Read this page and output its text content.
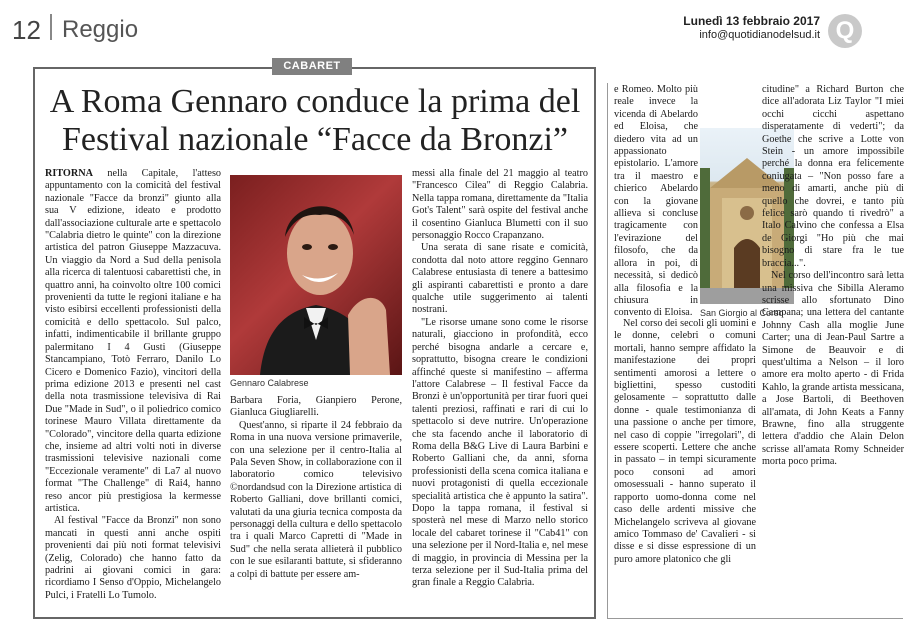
12 Reggio	Lunedì 13 febbraio 2017
info@quotidianodelsud.it Q
CABARET
A Roma Gennaro conduce la prima del Festival nazionale “Facce da Bronzi”

RITORNA nella Capitale, l'atteso appuntamento con la comicità del festival nazionale "Facce da bronzi" giunto alla sua V edizione, ideato e prodotto dall'associazione culturale arte e spettacolo "Calabria dietro le quinte" con la direzione artistica del patron Giuseppe Mazzacuva. Un viaggio da Nord a Sud della penisola alla ricerca di talentuosi cabarettisti che, in quattro anni, ha coinvolto oltre 100 comici provenienti da tutte le regioni italiane e ha visto esibirsi eccellenti professionisti della comicità e dello spettacolo. Sul palco, infatti, indimenticabile il brillante gruppo palermitano I 4 Gusti (Giuseppe Stancampiano, Totò Ferraro, Danilo Lo Cicero e Domenico Fazio), vincitori della prima edizione 2013 e presenti nel cast della nota trasmissione televisiva di Rai Due "Made in Sud", o il poliedrico comico torinese Mauro Villata direttamente da "Colorado", vincitore della quarta edizione che, insieme ad altri volti noti in diverse trasmissioni televisive nazionali come "Eccezionale veramente" di La7 al nuovo format "The Challenge" di Rai4, hanno reso ancor più prestigiosa la kermesse artistica.

Al festival "Facce da Bronzi" non sono mancati in questi anni anche ospiti provenienti dai più noti format televisivi (Zelig, Colorado) che hanno fatto da padrini ai giovani comici in gara: ricordiamo I Senso d'Oppio, Michelangelo Pulci, i Fratelli Lo Tumolo.

Gennaro Calabrese

Barbara Foria, Gianpiero Perone, Gianluca Giugliarelli.

Quest'anno, si riparte il 24 febbraio da Roma in una nuova versione primaverile, con una selezione per il centro-Italia al Pala Seven Show, in collaborazione con il laboratorio comico televisivo ©nordandsud con la Direzione artistica di Roberto Galliani, dove brillanti comici, valutati da una giuria tecnica composta da personaggi della cultura e dello spettacolo tra i quali Marco Capretti di "Made in Sud" che nella serata allieterà il pubblico con le sue esilaranti battute, si sfideranno a colpi di battute per essere am-

messi alla finale del 21 maggio al teatro "Francesco Cilea" di Reggio Calabria. Nella tappa romana, direttamente da "Italia Got's Talent" sarà ospite del festival anche il cosentino Gianluca Blumetti con il suo personaggio Rocco Crapanzano.

Una serata di sane risate e comicità, condotta dal noto attore reggino Gennaro Calabrese entusiasta di tenere a battesimo gli aspiranti cabarettisti e pronto a dare qualche utile suggerimento ai talenti nostrani.

"Le risorse umane sono come le risorse naturali, giacciono in profondità, ecco perché bisogna andarle a cercare e, soprattutto, bisogna creare le condizioni affinché queste si manifestino – afferma l'attore Calabrese – Il festival Facce da Bronzi è un'opportunità per tirar fuori quei talenti preziosi, raffinati e rari di cui lo spettacolo si deve nutrire. Un'operazione che sta facendo anche il laboratorio di Roma della B&G Live di Laura Barbini e Roberto Galliani che, da anni, sforna professionisti della scena comica italiana e nuovi protagonisti di quella eccezionale specialità artistica che è appunto la satira". Dopo la tappa romana, il festival si sposterà nel mese di Marzo nello storico locale del cabaret torinese il "Cab41" con una selezione per il Nord-Italia e, nel mese di maggio, in provincia di Messina per la terza selezione per il Sud-Italia prima del gran finale a Reggio Calabria.

e Romeo. Molto più reale invece la vicenda di Abelardo ed Eloisa, che diedero vita ad un appassionato epistolario. L'amore tra il maestro e chierico Abelardo con la giovane allieva si concluse tragicamente con l'evirazione del filosofo, che da allora in poi, di necessità, si dedicò alla filosofia e la chiusura in convento di Eloisa.

Nel corso dei secoli gli uomini e le donne, celebri o comuni mortali, hanno sempre affidato la manifestazione dei propri sentimenti amorosi a lettere o bigliettini, spesso custoditi gelosamente – soprattutto dalle donne - quale testimonianza di una passione o anche per timore, nel caso di coppie "irregolari", di essere scoperti. Lettere che anche in passato – in tempi sicuramente poco consoni ad amori omosessuali - hanno superato il rapporto uomo-donna come nel caso delle ardenti missive che Michelangelo scriveva al giovane amico Tommaso de' Cavalieri - si disse e si disse espressione di un puro amore platonico che gli

San Giorgio al Corso

citudine" a Richard Burton che dice all'adorata Liz Taylor "I miei occhi cicchi aspettano disperatamente di vederti"; da Goethe che scrive a Lotte von Stein - un amore impossibile perché la donna era felicemente coniugata – "Non posso fare a meno di amarti, anche più di quello che dovrei, e tanto più felice sarò quando ti rivedrò" a Italo Calvino che confessa a Elsa de Giorgi "Ho più che mai bisogno di stare fra le tue braccia...".

Nel corso dell'incontro sarà letta una missiva che Sibilla Aleramo scrisse allo sfortunato Dino Campana; una lettera del cantante Johnny Cash alla moglie June Carter; una di Jean-Paul Sartre a Simone de Beauvoir e di quest'ultima a Nelson – il loro amore era molto aperto - di Frida Kahlo, la grande artista messicana, a Jose Bartoli, di Beethoven all'amata, di John Keats a Fanny Brawne, fino alla struggente lettera d'addio che Alain Delon scrisse all'amata Romy Schneider morta poco prima.
